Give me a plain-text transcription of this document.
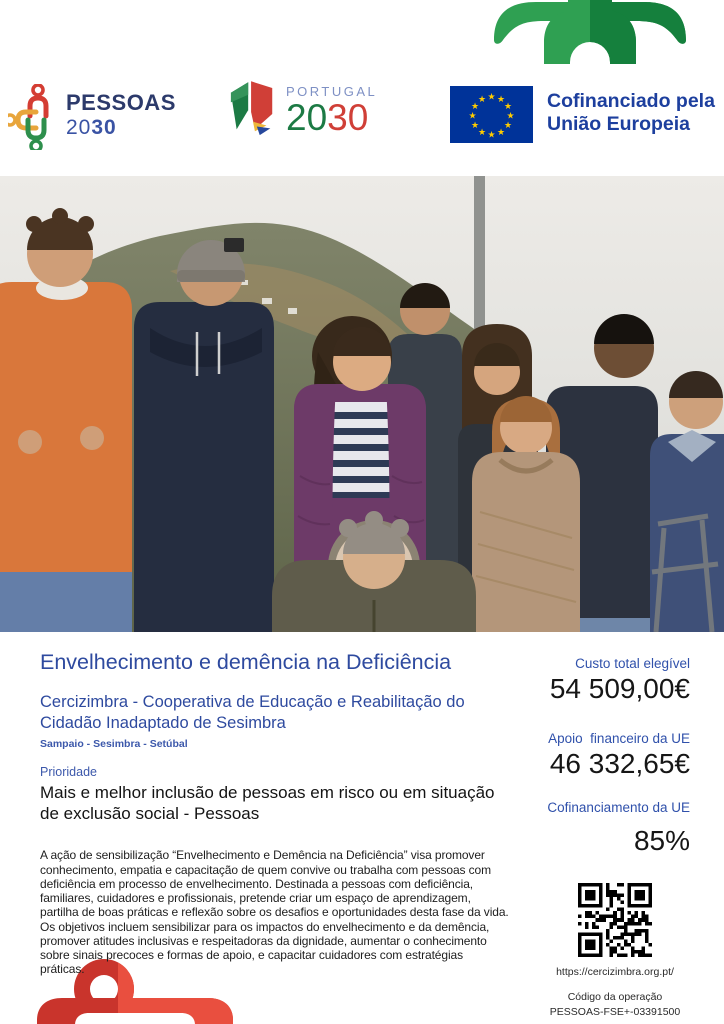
PESSOAS
2030
PORTUGAL
2030	★ ★
★
★
★
★
★
★
★
★
★
★	Cofinanciado pela
União Europeia
Envelhecimento e demência na Deficiência
Cercizimbra - Cooperativa de Educação e Reabilitação do Cidadão Inadaptado de Sesimbra
Sampaio - Sesimbra - Setúbal
Prioridade
Mais e melhor inclusão de pessoas em risco ou em situação de exclusão social - Pessoas
A ação de sensibilização “Envelhecimento e Demência na Deficiência” visa promover conhecimento, empatia e capacitação de quem convive ou trabalha com pessoas com deficiência em processo de envelhecimento. Destinada a pessoas com deficiência, familiares, cuidadores e profissionais, pretende criar um espaço de aprendizagem, partilha de boas práticas e reflexão sobre os desafios e oportunidades desta fase da vida. Os objetivos incluem sensibilizar para os impactos do envelhecimento e da demência, promover atitudes inclusivas e respeitadoras da dignidade, aumentar o conhecimento sobre sinais precoces e formas de apoio, e capacitar cuidadores com estratégias práticas.
Custo total elegível
54 509,00€
Apoio  financeiro da UE
46 332,65€
Cofinanciamento da UE
85%
https://cercizimbra.org.pt/
Código da operação
PESSOAS-FSE+-03391500
